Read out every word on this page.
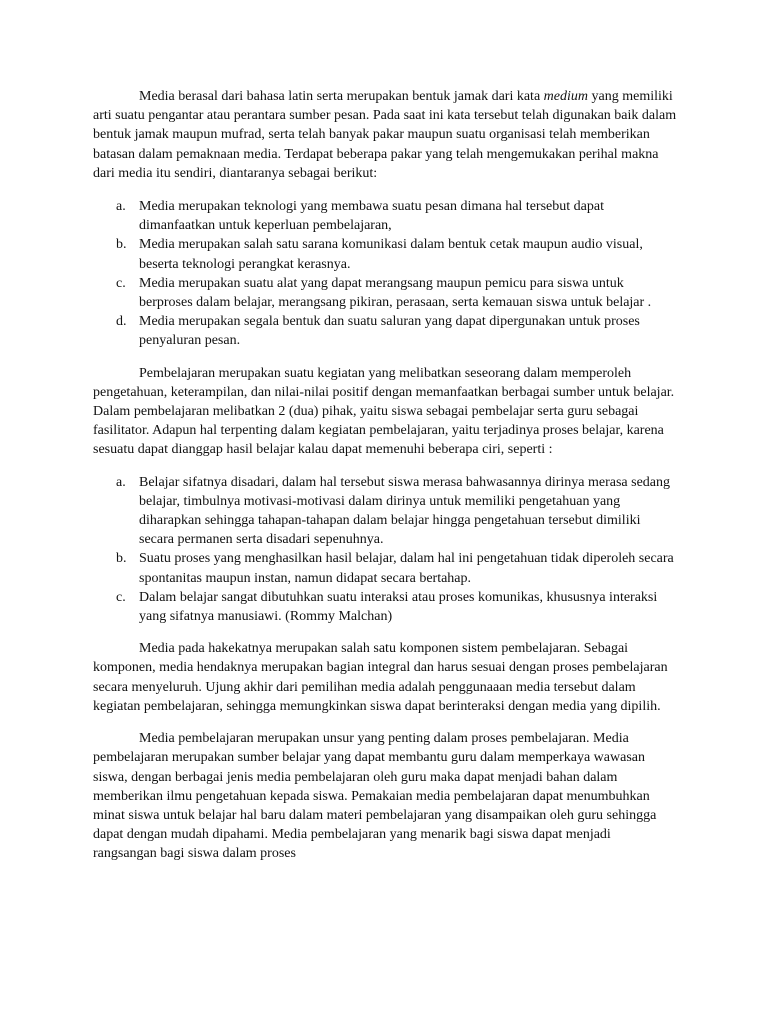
Media berasal dari bahasa latin serta merupakan bentuk jamak dari kata medium yang memiliki arti suatu pengantar atau perantara sumber pesan. Pada saat ini kata tersebut telah digunakan baik dalam bentuk jamak maupun mufrad, serta telah banyak pakar maupun suatu organisasi telah memberikan batasan dalam pemaknaan media. Terdapat beberapa pakar yang telah mengemukakan perihal makna dari media itu sendiri, diantaranya sebagai berikut:

a. Media merupakan teknologi yang membawa suatu pesan dimana hal tersebut dapat dimanfaatkan untuk keperluan pembelajaran,
b. Media merupakan salah satu sarana komunikasi dalam bentuk cetak maupun audio visual, beserta teknologi perangkat kerasnya.
c. Media merupakan suatu alat yang dapat merangsang maupun pemicu para siswa untuk berproses dalam belajar, merangsang pikiran, perasaan, serta kemauan siswa untuk belajar .
d. Media merupakan segala bentuk dan suatu saluran yang dapat dipergunakan untuk proses penyaluran pesan.

Pembelajaran merupakan suatu kegiatan yang melibatkan seseorang dalam memperoleh pengetahuan, keterampilan, dan nilai-nilai positif dengan memanfaatkan berbagai sumber untuk belajar. Dalam pembelajaran melibatkan 2 (dua) pihak, yaitu siswa sebagai pembelajar serta guru sebagai fasilitator. Adapun hal terpenting dalam kegiatan pembelajaran, yaitu terjadinya proses belajar, karena sesuatu dapat dianggap hasil belajar kalau dapat memenuhi beberapa ciri, seperti :

a. Belajar sifatnya disadari, dalam hal tersebut siswa merasa bahwasannya dirinya merasa sedang belajar, timbulnya motivasi-motivasi dalam dirinya untuk memiliki pengetahuan yang diharapkan sehingga tahapan-tahapan dalam belajar hingga pengetahuan tersebut dimiliki secara permanen serta disadari sepenuhnya.
b. Suatu proses yang menghasilkan hasil belajar, dalam hal ini pengetahuan tidak diperoleh secara spontanitas maupun instan, namun didapat secara bertahap.
c. Dalam belajar sangat dibutuhkan suatu interaksi atau proses komunikas, khususnya interaksi yang sifatnya manusiawi. (Rommy Malchan)

Media pada hakekatnya merupakan salah satu komponen sistem pembelajaran. Sebagai komponen, media hendaknya merupakan bagian integral dan harus sesuai dengan proses pembelajaran secara menyeluruh. Ujung akhir dari pemilihan media adalah penggunaaan media tersebut dalam kegiatan pembelajaran, sehingga memungkinkan siswa dapat berinteraksi dengan media yang dipilih.

Media pembelajaran merupakan unsur yang penting dalam proses pembelajaran. Media pembelajaran merupakan sumber belajar yang dapat membantu guru dalam memperkaya wawasan siswa, dengan berbagai jenis media pembelajaran oleh guru maka dapat menjadi bahan dalam memberikan ilmu pengetahuan kepada siswa. Pemakaian media pembelajaran dapat menumbuhkan minat siswa untuk belajar hal baru dalam materi pembelajaran yang disampaikan oleh guru sehingga dapat dengan mudah dipahami. Media pembelajaran yang menarik bagi siswa dapat menjadi rangsangan bagi siswa dalam proses
